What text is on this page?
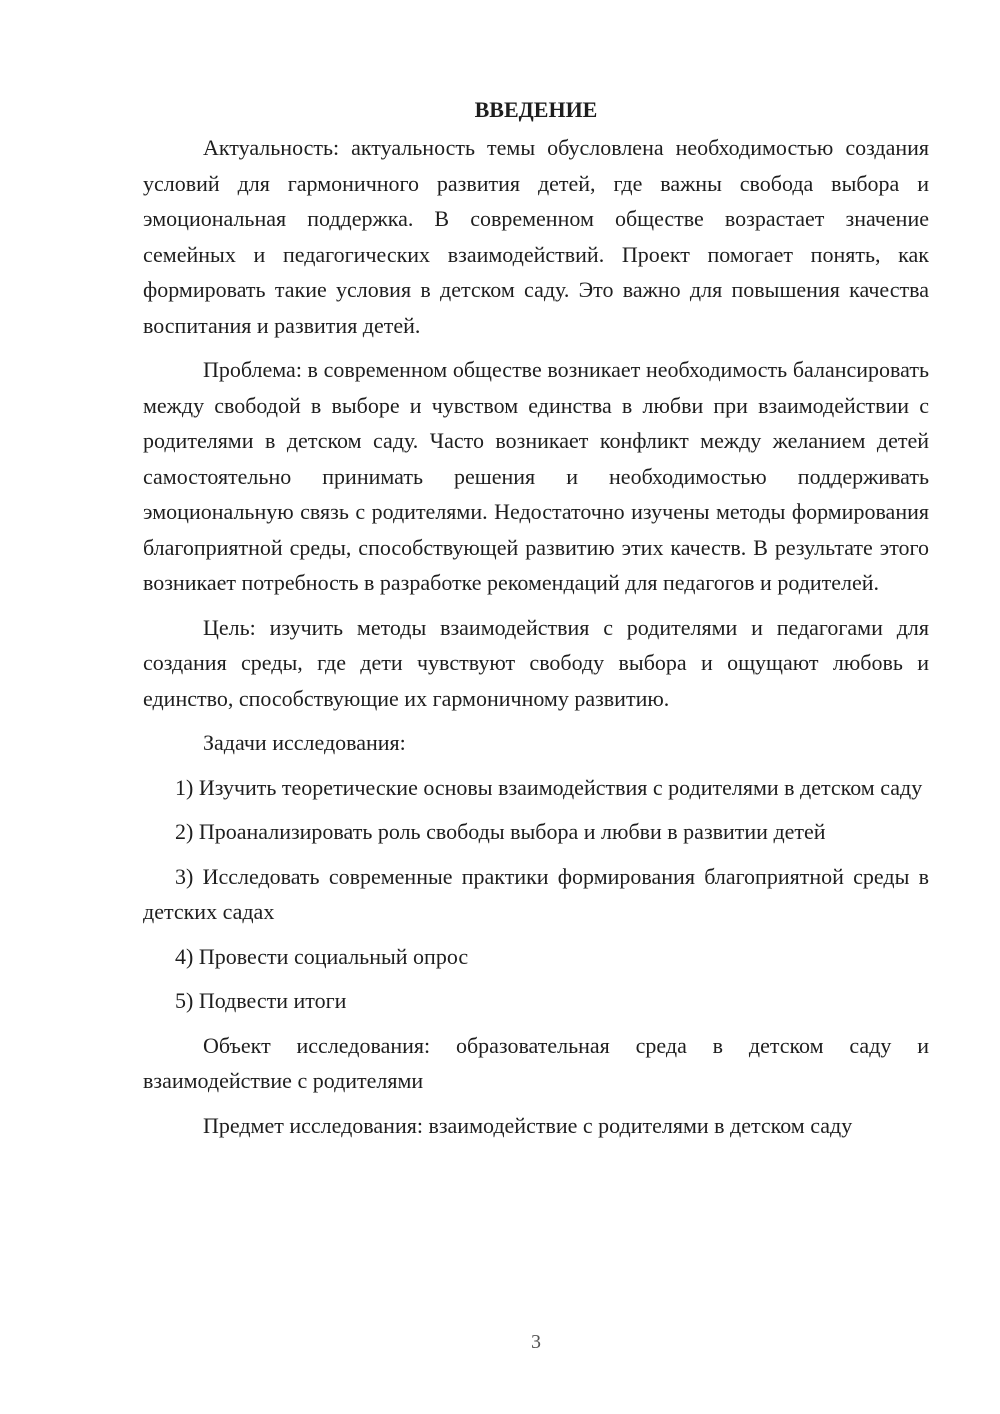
ВВЕДЕНИЕ

Актуальность: актуальность темы обусловлена необходимостью создания условий для гармоничного развития детей, где важны свобода выбора и эмоциональная поддержка. В современном обществе возрастает значение семейных и педагогических взаимодействий. Проект помогает понять, как формировать такие условия в детском саду. Это важно для повышения качества воспитания и развития детей.

Проблема: в современном обществе возникает необходимость балансировать между свободой в выборе и чувством единства в любви при взаимодействии с родителями в детском саду. Часто возникает конфликт между желанием детей самостоятельно принимать решения и необходимостью поддерживать эмоциональную связь с родителями. Недостаточно изучены методы формирования благоприятной среды, способствующей развитию этих качеств. В результате этого возникает потребность в разработке рекомендаций для педагогов и родителей.

Цель: изучить методы взаимодействия с родителями и педагогами для создания среды, где дети чувствуют свободу выбора и ощущают любовь и единство, способствующие их гармоничному развитию.

Задачи исследования:

1) Изучить теоретические основы взаимодействия с родителями в детском саду

2) Проанализировать роль свободы выбора и любви в развитии детей

3) Исследовать современные практики формирования благоприятной среды в детских садах

4) Провести социальный опрос

5) Подвести итоги

Объект исследования: образовательная среда в детском саду и взаимодействие с родителями

Предмет исследования: взаимодействие с родителями в детском саду

3
